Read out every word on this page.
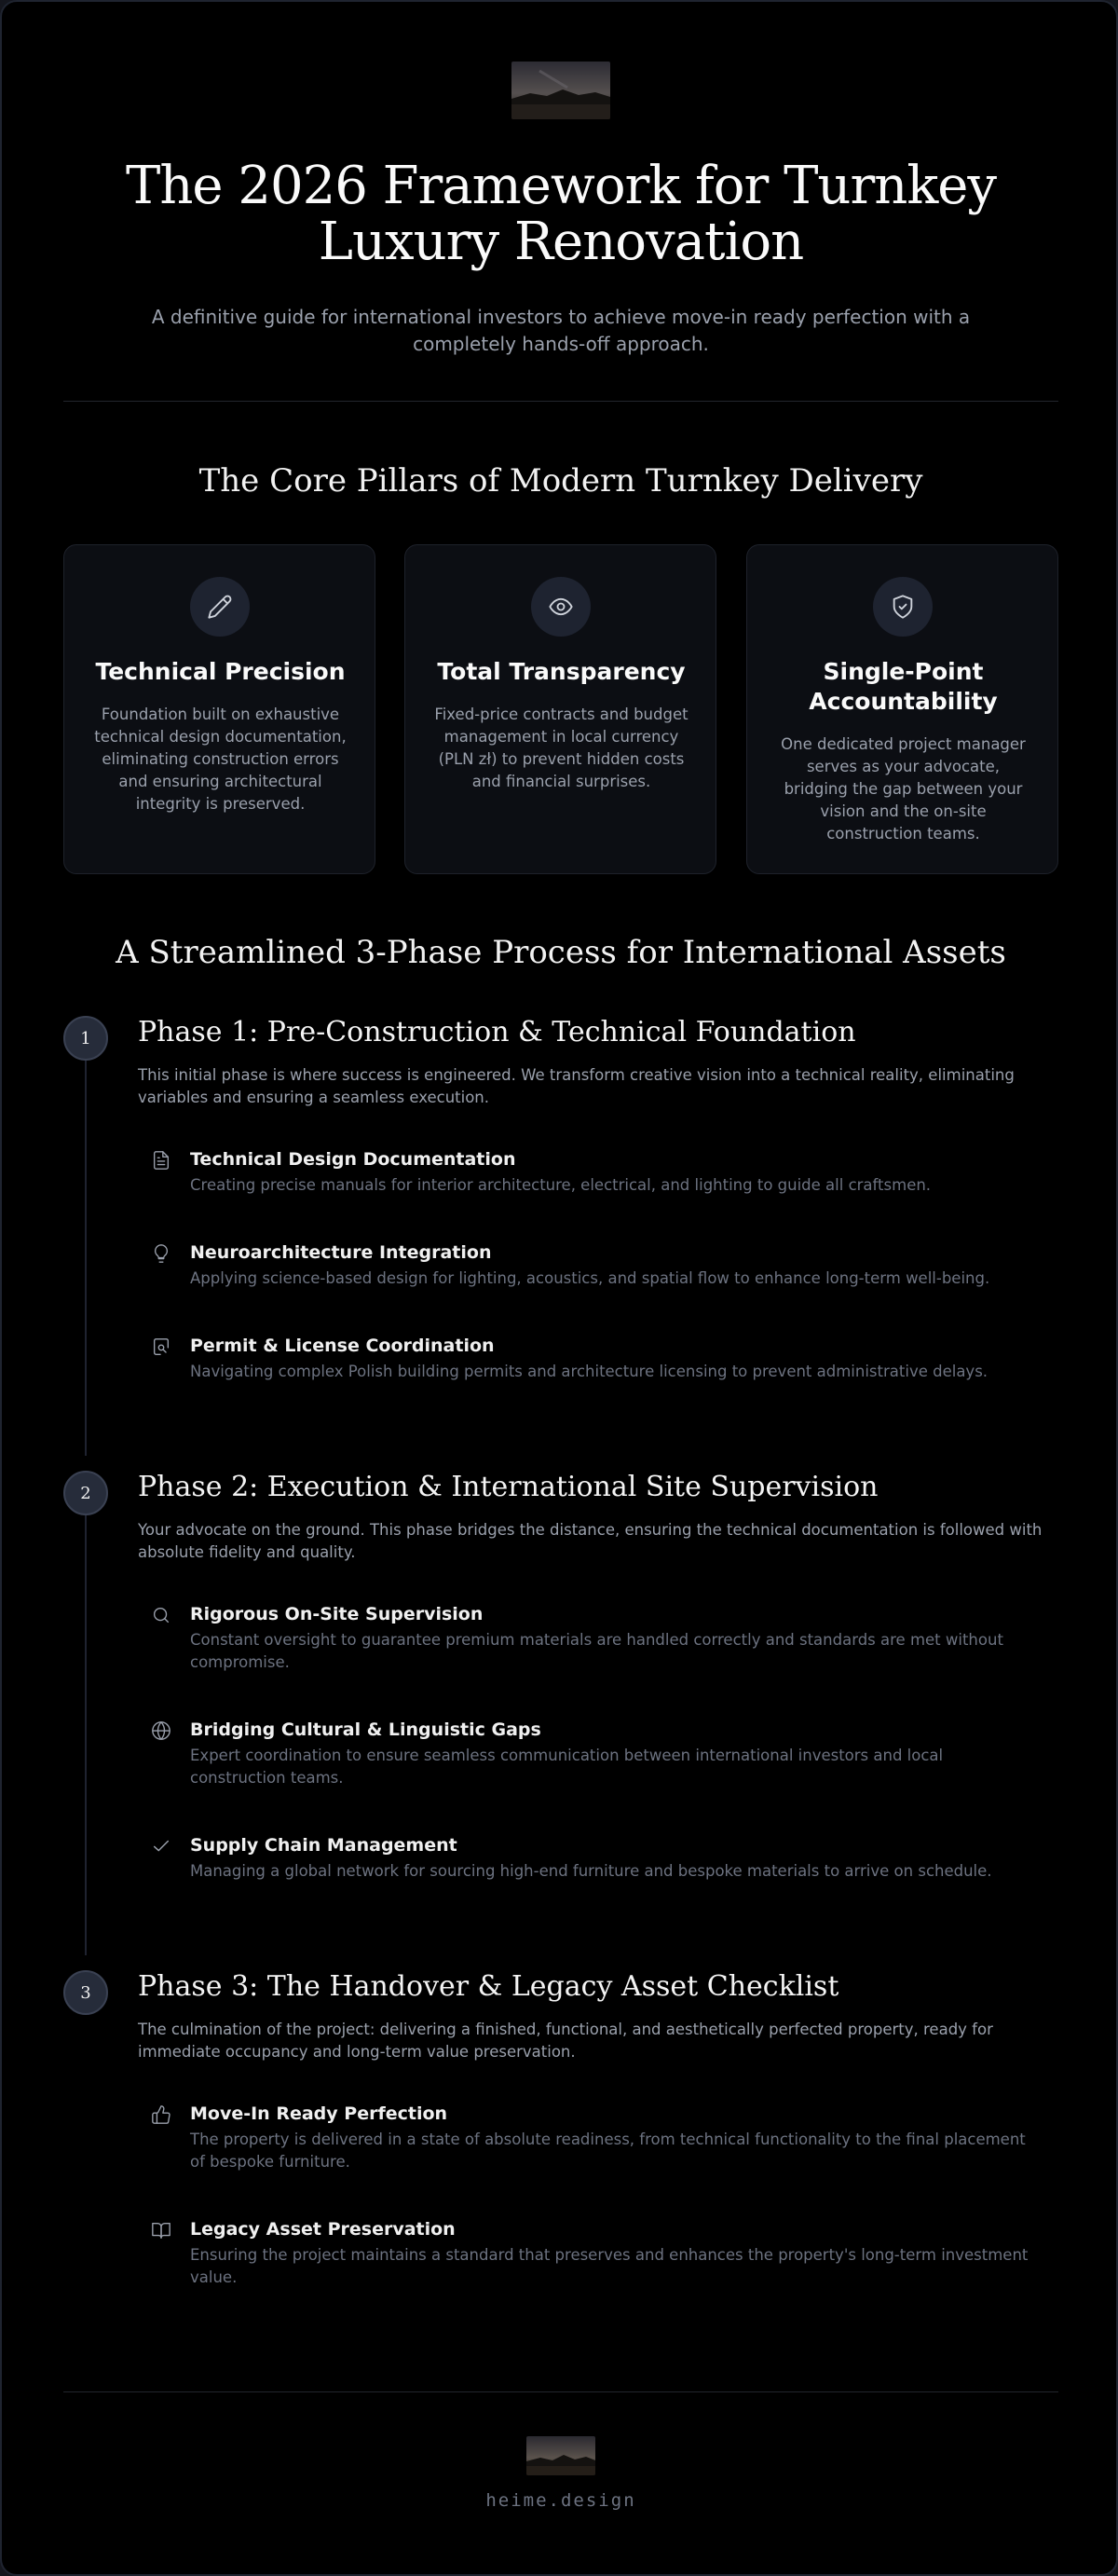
The 2026 Framework for Turnkey Luxury Renovation

A definitive guide for international investors to achieve move-in ready perfection with a completely hands-off approach.

The Core Pillars of Modern Turnkey Delivery
Technical Precision
Foundation built on exhaustive technical design documentation, eliminating construction errors and ensuring architectural integrity is preserved.
Total Transparency
Fixed-price contracts and budget management in local currency (PLN zł) to prevent hidden costs and financial surprises.
Single-Point Accountability
One dedicated project manager serves as your advocate, bridging the gap between your vision and the on-site construction teams.
A Streamlined 3-Phase Process for International Assets
1	Phase 1: Pre-Construction & Technical Foundation

This initial phase is where success is engineered. We transform creative vision into a technical reality, eliminating variables and ensuring a seamless execution.

Technical Design Documentation
Creating precise manuals for interior architecture, electrical, and lighting to guide all craftsmen.
Neuroarchitecture Integration
Applying science-based design for lighting, acoustics, and spatial flow to enhance long-term well-being.
Permit & License Coordination
Navigating complex Polish building permits and architecture licensing to prevent administrative delays.
2	Phase 2: Execution & International Site Supervision

Your advocate on the ground. This phase bridges the distance, ensuring the technical documentation is followed with absolute fidelity and quality.

Rigorous On-Site Supervision
Constant oversight to guarantee premium materials are handled correctly and standards are met without compromise.
Bridging Cultural & Linguistic Gaps
Expert coordination to ensure seamless communication between international investors and local construction teams.
Supply Chain Management
Managing a global network for sourcing high-end furniture and bespoke materials to arrive on schedule.
3	Phase 3: The Handover & Legacy Asset Checklist

The culmination of the project: delivering a finished, functional, and aesthetically perfected property, ready for immediate occupancy and long-term value preservation.

Move-In Ready Perfection
The property is delivered in a state of absolute readiness, from technical functionality to the final placement of bespoke furniture.
Legacy Asset Preservation
Ensuring the project maintains a standard that preserves and enhances the property's long-term investment value.
heime.design
